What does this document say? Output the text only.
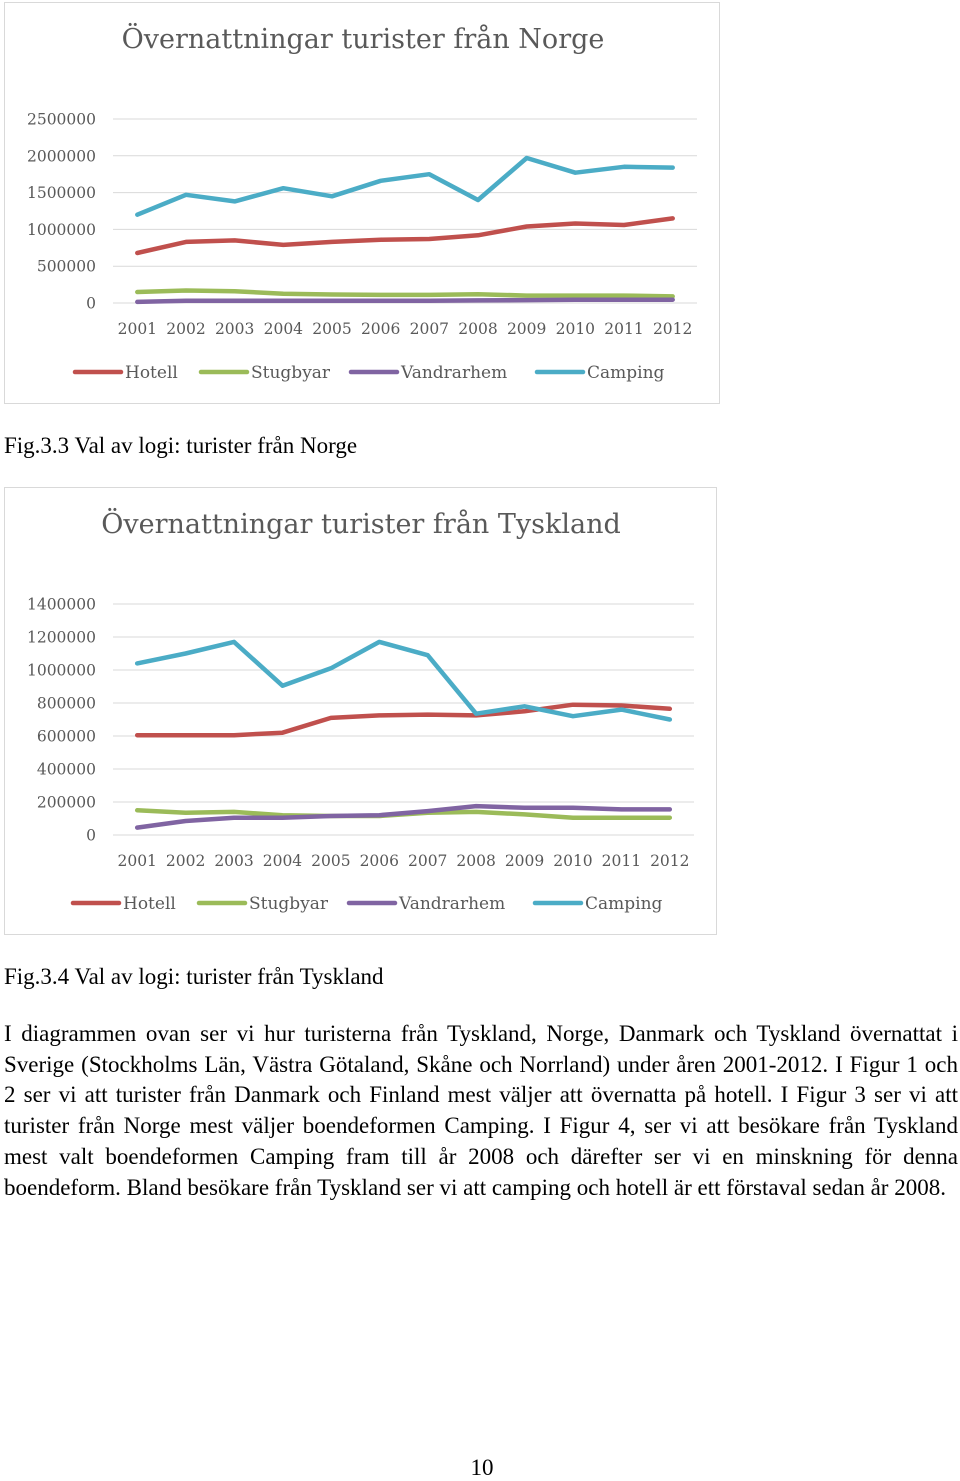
Övernattningar turister från Norge
0
500000
1000000
1500000
2000000
2500000
2001 2002 2003 2004 2005 2006 2007 2008 2009 2010 2011 2012
Hotell	Stugbyar	Vandrarhem	Camping
Fig.3.3 Val av logi: turister från Norge
Övernattningar turister från Tyskland
0
200000
400000
600000
800000
1000000
1200000
1400000
2001 2002 2003 2004 2005 2006 2007 2008 2009 2010 2011 2012
Hotell	Stugbyar	Vandrarhem	Camping
Fig.3.4 Val av logi: turister från Tyskland

I diagrammen ovan ser vi hur turisterna från Tyskland, Norge, Danmark och Tyskland övernattat i Sverige (Stockholms Län, Västra Götaland, Skåne och Norrland) under åren 2001-2012. I Figur 1 och 2 ser vi att turister från Danmark och Finland mest väljer att övernatta på hotell. I Figur 3 ser vi att turister från Norge mest väljer boendeformen Camping. I Figur 4, ser vi att besökare från Tyskland mest valt boendeformen Camping fram till år 2008 och därefter ser vi en minskning för denna boendeform. Bland besökare från Tyskland ser vi att camping och hotell är ett förstaval sedan år 2008.

10
